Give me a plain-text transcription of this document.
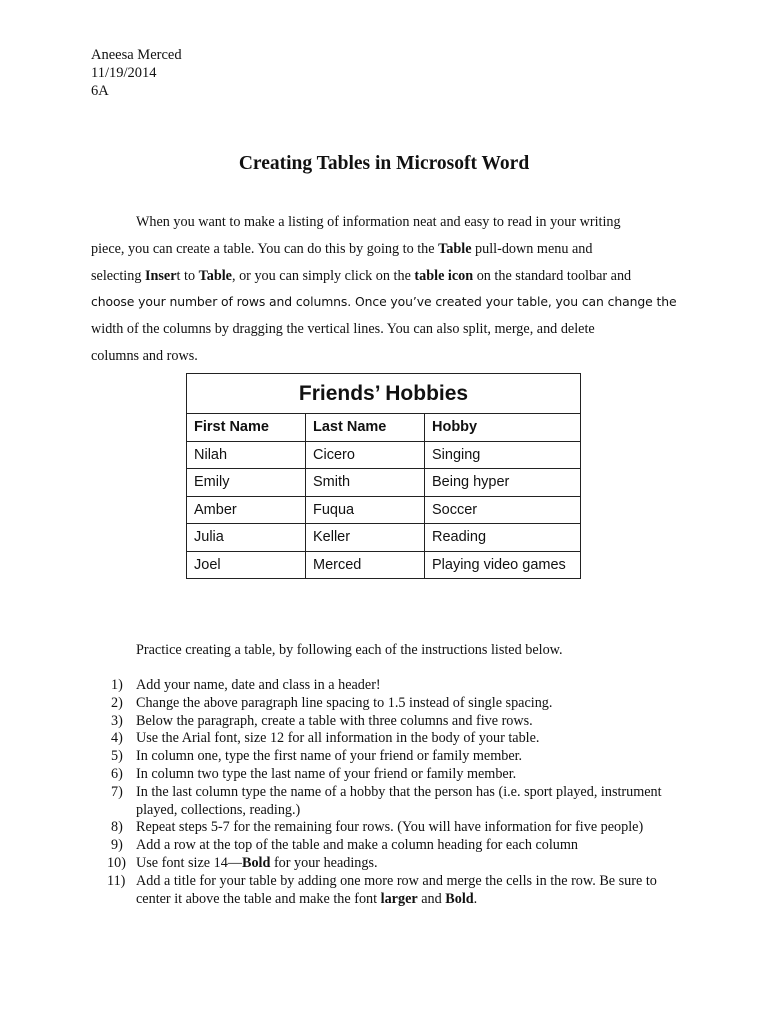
Aneesa Merced
11/19/2014
6A
Creating Tables in Microsoft Word
When you want to make a listing of information neat and easy to read in your writing
piece, you can create a table. You can do this by going to the Table pull-down menu and
selecting Insert to Table, or you can simply click on the table icon on the standard toolbar and
choose your number of rows and columns. Once you’ve created your table, you can change the
width of the columns by dragging the vertical lines. You can also split, merge, and delete
columns and rows.
Friends’ Hobbies		
First Name	Last Name	Hobby
Nilah	Cicero	Singing
Emily	Smith	Being hyper
Amber	Fuqua	Soccer
Julia	Keller	Reading
Joel	Merced	Playing video games
Practice creating a table, by following each of the instructions listed below.
1) Add your name, date and class in a header!
2) Change the above paragraph line spacing to 1.5 instead of single spacing.
3) Below the paragraph, create a table with three columns and five rows.
4) Use the Arial font, size 12 for all information in the body of your table.
5) In column one, type the first name of your friend or family member.
6) In column two type the last name of your friend or family member.
7) In the last column type the name of a hobby that the person has (i.e. sport played, instrument played, collections, reading.)
8) Repeat steps 5-7 for the remaining four rows. (You will have information for five people)
9) Add a row at the top of the table and make a column heading for each column
10) Use font size 14—Bold for your headings.
11) Add a title for your table by adding one more row and merge the cells in the row. Be sure to center it above the table and make the font larger and Bold.
